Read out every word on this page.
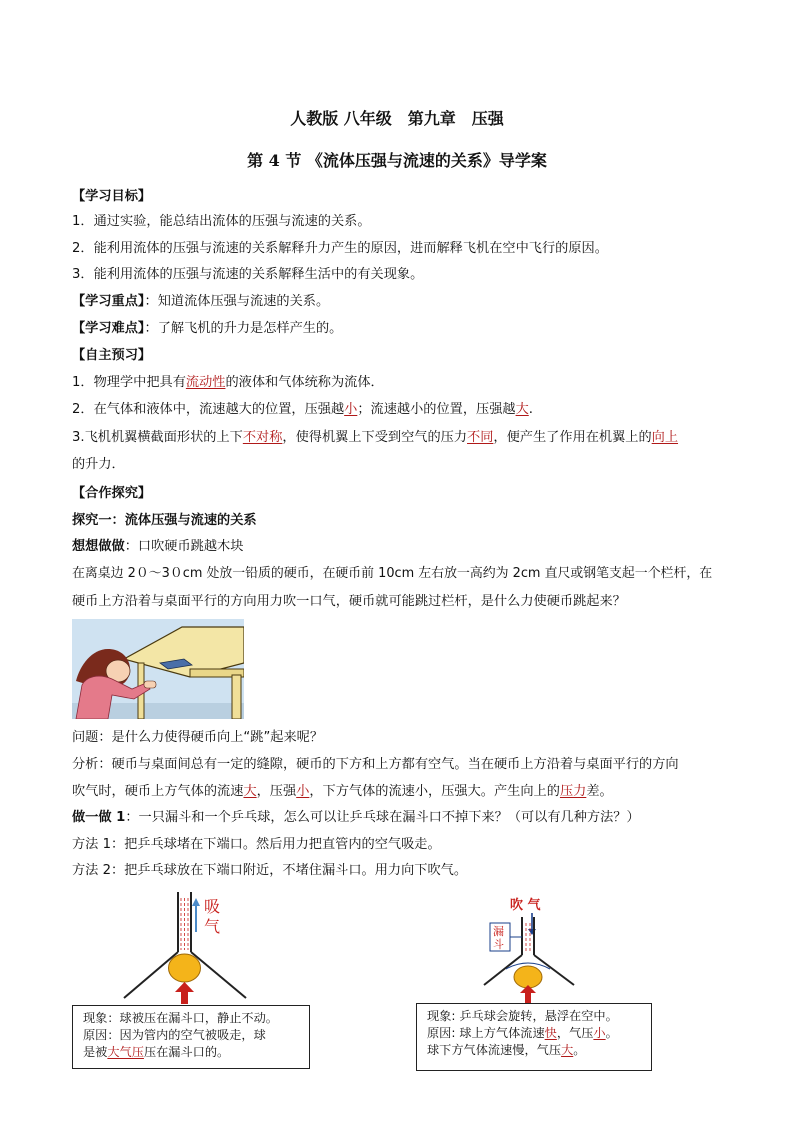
人教版 八年级　第九章　压强
第 4 节 《流体压强与流速的关系》导学案
【学习目标】
1．通过实验，能总结出流体的压强与流速的关系。
2．能利用流体的压强与流速的关系解释升力产生的原因，进而解释飞机在空中飞行的原因。
3．能利用流体的压强与流速的关系解释生活中的有关现象。
【学习重点】：知道流体压强与流速的关系。
【学习难点】：了解飞机的升力是怎样产生的。
【自主预习】
1．物理学中把具有流动性的液体和气体统称为流体．
2．在气体和液体中，流速越大的位置，压强越小；流速越小的位置，压强越大.
3.飞机机翼横截面形状的上下不对称，使得机翼上下受到空气的压力不同，便产生了作用在机翼上的向上
的升力．
【合作探究】
探究一：流体压强与流速的关系
想想做做：口吹硬币跳越木块
在离桌边 2０～3０cm 处放一铅质的硬币，在硬币前 10cm 左右放一高约为 2cm 直尺或钢笔支起一个栏杆，在
硬币上方沿着与桌面平行的方向用力吹一口气，硬币就可能跳过栏杆，是什么力使硬币跳起来？
问题：是什么力使得硬币向上“跳”起来呢？
分析：硬币与桌面间总有一定的缝隙，硬币的下方和上方都有空气。当在硬币上方沿着与桌面平行的方向
吹气时，硬币上方气体的流速大，压强小，下方气体的流速小，压强大。产生向上的压力差。
做一做 1：一只漏斗和一个乒乓球，怎么可以让乒乓球在漏斗口不掉下来？（可以有几种方法？）
方法 1：把乒乓球堵在下端口。然后用力把直管内的空气吸走。
方法 2：把乒乓球放在下端口附近，不堵住漏斗口。用力向下吹气。
吸
气
现象：球被压在漏斗口，静止不动。
原因：因为管内的空气被吸走，球
是被大气压压在漏斗口的。
吹 气
漏
斗
现象: 乒乓球会旋转，悬浮在空中。
原因: 球上方气体流速快，气压小。
球下方气体流速慢，气压大。
